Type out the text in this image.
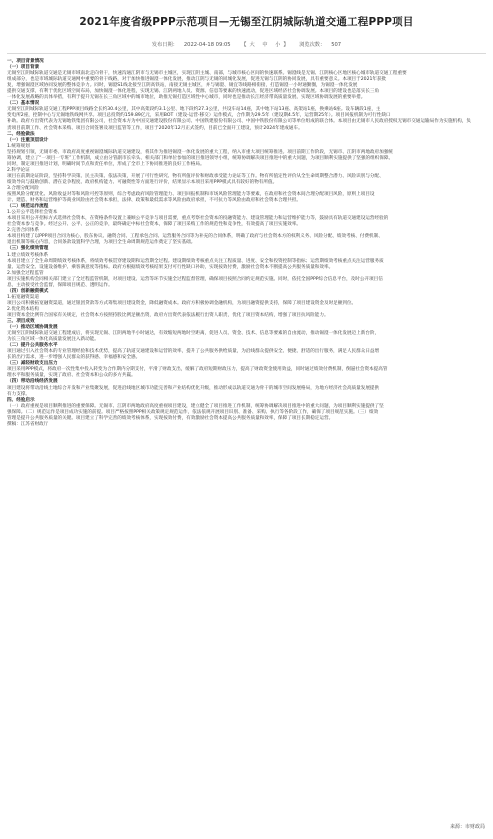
2021年度省级PPP示范项目—无锡至江阴城际轨道交通工程PPP项目
发布日期： 2022-04-18 09:05 【 大 中 小 】 浏览次数： 507

一、项目背景情况

（一）项目背景

无锡至江阴城际轨道交通是无锡市域南北走向骨干，快速沟通江阴市与无锡市主城区，实现江阴主城、南部，与城市核心区间的快速联系。锡澄线是无锡、江阴核心区地区核心城市轨道交通工程重要

组成部分，也是市域城际轨道交通网中重要的骨干线路，对于加快推进锡澄一体化发展，推动江阴与无锡的同城化发展，促进无锡与江阴的协同发展，具有重要意义。本项目于2021年获批

复，增强锡澄区域协同发展的整体竞争力。同时，锡澄S1线北接至江阴高铁站，南接无锡主城区，并与锡澄、锡宜等线路相衔接，打造锡澄一小时通勤圈，为锡澄一体化发展

提供交通支撑，有利于优化区域空间布局，加快锡澄一体化进程，实现无锡、江阴两地人员、资源、信息等要素的快速流动，促进区域经济社会协调发展。本项目的建设也是落实长三角

一体化发展战略的具体举措，有利于提升无锡在长三角区域中的城市地位，助推无锡打造区域性中心城市，同时也是推动长江经济带高质量发展、实现区域协调发展的重要举措。

（二）基本情况

无锡至江阴城际轨道交通工程PPP项目线路全长约30.4公里，其中高架段约3.1公里、地下段约27.3公里，共设车站14座，其中地下站13座、高架站1座，换乘站6座。设车辆段1座，主

变电所2座，控制中心与无锡地铁线网共享。项目总投资约159.89亿元，采用BOT（建设-运营-移交）运作模式，合作期为29.5年（建设期4.5年，运营期25年）。项目回报机制为可行性缺口

补助。政府方出资代表为无锡地铁集团有限公司，社会资本方为中国交通建设股份有限公司、中国铁建股份有限公司、中国中铁股份有限公司等单位组成的联合体。本项目由无锡市人民政府授权无锡市交通运输局作为实施机构，负

责项目前期工作、社会资本采购、项目合同签署及项目监管等工作，项目于2020年12月正式签约，目前已全面开工建设，预计2024年建成通车。

二、经验做法

（一）注重顶层设计

1.统筹规划

坚持规划引领，无锡市委、市政府高度重视锡澄城际轨道交通建设，将其作为推进锡澄一体化发展的重大工程，纳入市重大项目统筹推进。项目前期工作阶段，无锡市、江阴市两地政府加强统

筹协调，建立了“一项目一专班”工作机制，成立由分管副市长牵头、相关部门和单位参加的项目推进领导小组，统筹协调解决项目推进中的重大问题，为项目顺利实施提供了坚强的组织保障。

同时，制定项目推进计划，明确时间节点和责任单位，形成了全市上下协同推进的良好工作格局。

2.科学论证

项目在前期论证阶段，坚持科学决策、民主决策、依法决策，开展了可行性研究、物有所值评价和财政承受能力论证等工作。物有所值定性评价从全生命周期整合潜力、风险识别与分配、

绩效导向与鼓励创新、潜在竞争程度、政府机构能力、可融资性等方面进行评价，结果显示本项目采用PPP模式具有较好的物有所值。

3.合理分配风险

按照风险分配优化、风险收益对等和风险可控等原则，综合考虑政府风险管理能力、项目回报机制和市场风险管理能力等要素，在政府和社会资本间合理分配项目风险，原则上项目设

计、建造、财务和运营维护等商业风险由社会资本承担，法律、政策和最低需求等风险由政府承担，不可抗力等风险由政府和社会资本合理共担。

（二）规范运作流程

1.公开公平选择社会资本

本项目采用公开招标方式选择社会资本，在资格条件设置上兼顾公平竞争与项目需要，重点考察社会资本的投融资能力、建设管理能力和运营维护能力等，鼓励具有轨道交通建设运营经验的

社会资本参与竞争。经过公开、公平、公正的竞争，最终确定中标社会资本，保障了项目采购工作的规范性和竞争性，有效提高了项目实施效率。

2.完善合同体系

本项目构建了以PPP项目合同为核心，股东协议、融资合同、工程承包合同、运营服务合同等为补充的合同体系，明确了政府与社会资本方的权利义务、风险分配、绩效考核、付费机制、

退出机制等核心内容，合同条款设置科学合理，为项目全生命周期规范运作奠定了坚实基础。

（三）强化绩效管理

1.建立绩效考核体系

本项目建立了全生命周期绩效考核体系，将绩效考核贯穿建设期和运营期全过程。建设期绩效考核重点关注工程质量、进度、安全和投资控制等指标；运营期绩效考核重点关注运营服务质

量、运营安全、设施设备维护、乘客满意度等指标。政府方根据绩效考核结果支付可行性缺口补助，实现按效付费，激励社会资本不断提高公共服务质量和效率。

2.加强全过程监管

项目实施机构会同相关部门建立了全过程监管机制，对项目建设、运营等环节实施全过程监督管理，确保项目按照合同约定规范实施。同时，依托全国PPP综合信息平台，及时公开项目信

息，主动接受社会监督，保障项目规范、透明运作。

（四）创新融资模式

1.拓宽融资渠道

项目公司积极拓宽融资渠道，通过银团贷款等方式筹集项目建设资金，降低融资成本。政府方积极协调金融机构，为项目融资提供支持，保障了项目建设资金及时足额到位。

2.优化资本结构

项目资本金比例符合国家有关规定，社会资本方按照持股比例足额出资，政府方出资代表依法履行出资人职责，优化了项目资本结构，增强了项目抗风险能力。

三、项目成效

（一）推动区域协调发展

无锡至江阴城际轨道交通工程建成后，将实现无锡、江阴两地半小时通达，有效缩短两地时空距离，促进人员、资金、技术、信息等要素的自由流动，推动锡澄一体化发展迈上新台阶，

为长三角区域一体化高质量发展注入新动能。

（二）提升公共服务水平

项目通过引入社会资本的专业管理经验和技术优势，提高了轨道交通建设和运营的效率，提升了公共服务供给质量，为沿线群众提供安全、便捷、舒适的出行服务，满足人民群众日益增

长的出行需求，进一步增强人民群众的获得感、幸福感和安全感。

（三）减轻财政支出压力

项目采用PPP模式，将政府一次性集中投入转变为合作期内分期支付，平滑了财政支出，缓解了政府短期财政压力，提高了财政资金使用效益，同时通过绩效付费机制，倒逼社会资本提高管

理水平和服务质量，实现了政府、社会资本和公众的多方共赢。

（四）带动沿线经济发展

项目建设将带动沿线土地综合开发和产业集聚发展，促进沿线地区城市功能完善和产业结构优化升级，推动形成以轨道交通为骨干的城市空间发展格局，为地方经济社会高质量发展提供

有力支撑。

四、经验启示

（一）政府重视是项目顺利推进的重要保障。无锡市、江阴市两地政府高度重视项目建设，建立健全了项目推进工作机制，统筹协调解决项目推进中的重大问题，为项目顺利实施提供了坚

强保障。（二）规范运作是项目成功实施的前提。项目严格按照PPP相关政策规定规范运作，依法依规开展项目识别、准备、采购、执行等各阶段工作，确保了项目规范实施。（三）绩效

管理是提升公共服务质量的关键。项目建立了科学完善的绩效考核体系，实现按效付费，有效激励社会资本提高公共服务质量和效率，保障了项目长期稳定运营。

撰稿：江苏省财政厅

来源：市财政局
